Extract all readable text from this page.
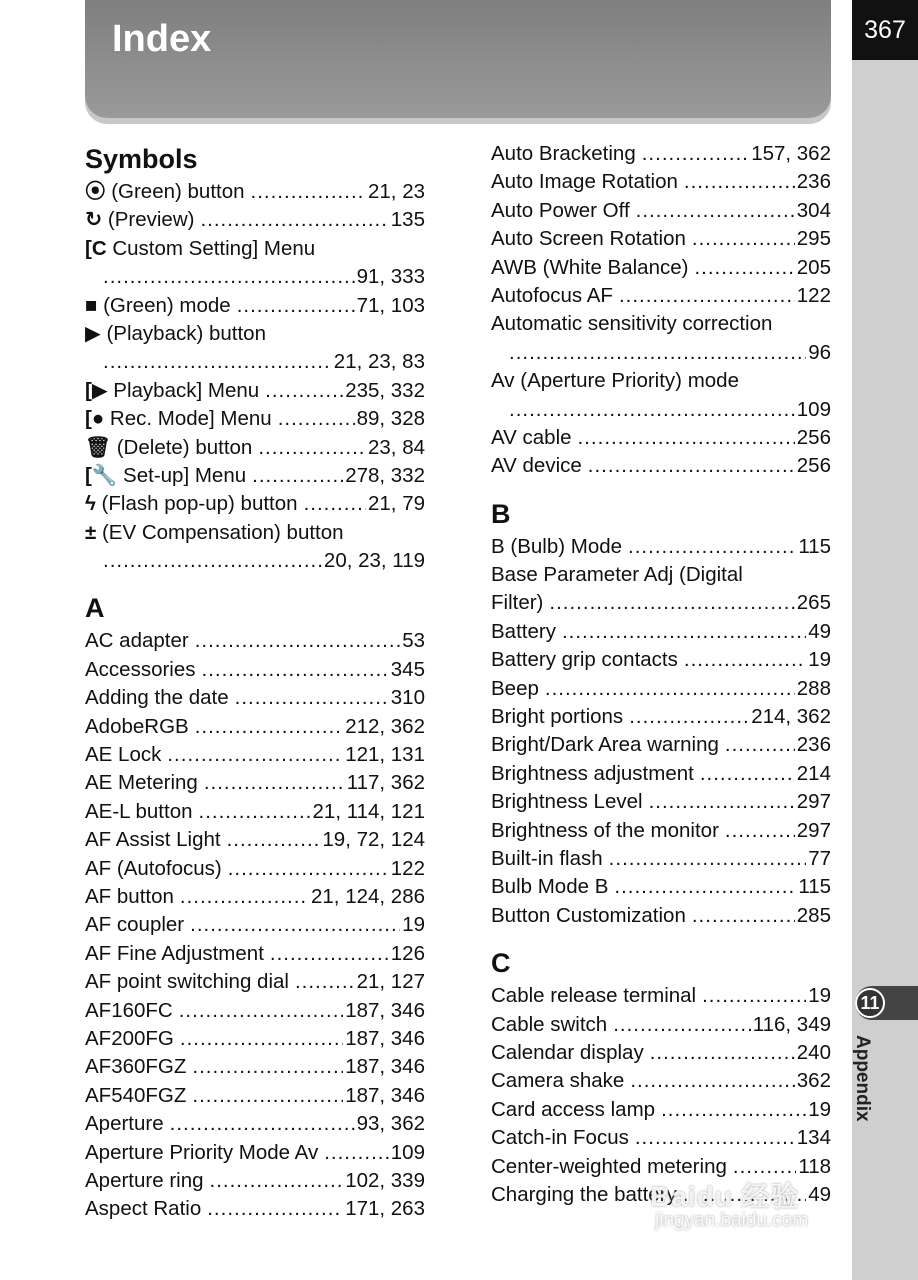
Index	367
11
Appendix
Symbols
⦿ (Green) button .....	21, 23
↻ (Preview) .....	135
[C Custom Setting] Menu
.....
91, 333
■ (Green) mode .....	71, 103
▶ (Playback) button
.....
21, 23, 83
[▶ Playback] Menu .....	235, 332
[● Rec. Mode] Menu .....	89, 328
🗑 (Delete) button .....	23, 84
[🔧 Set-up] Menu .....	278, 332
ϟ (Flash pop-up) button .....	21, 79
± (EV Compensation) button
.....
20, 23, 119
A
AC adapter .....	53
Accessories .....	345
Adding the date .....	310
AdobeRGB .....	212, 362
AE Lock .....	121, 131
AE Metering .....	117, 362
AE-L button .....	21, 114, 121
AF Assist Light .....	19, 72, 124
AF (Autofocus) .....	122
AF button .....	21, 124, 286
AF coupler .....	19
AF Fine Adjustment .....	126
AF point switching dial .....	21, 127
AF160FC .....	187, 346
AF200FG .....	187, 346
AF360FGZ .....	187, 346
AF540FGZ .....	187, 346
Aperture .....	93, 362
Aperture Priority Mode Av .....	109
Aperture ring .....	102, 339
Aspect Ratio .....	171, 263
Auto Bracketing .....	157, 362
Auto Image Rotation .....	236
Auto Power Off .....	304
Auto Screen Rotation .....	295
AWB (White Balance) .....	205
Autofocus AF .....	122
Automatic sensitivity correction
.....
96
Av (Aperture Priority) mode
.....
109
AV cable .....	256
AV device .....	256
B
B (Bulb) Mode .....	115
Base Parameter Adj (Digital
Filter) .....	265
Battery .....	49
Battery grip contacts .....	19
Beep .....	288
Bright portions .....	214, 362
Bright/Dark Area warning .....	236
Brightness adjustment .....	214
Brightness Level .....	297
Brightness of the monitor .....	297
Built-in flash .....	77
Bulb Mode B .....	115
Button Customization .....	285
C
Cable release terminal .....	19
Cable switch .....	116, 349
Calendar display .....	240
Camera shake .....	362
Card access lamp .....	19
Catch-in Focus .....	134
Center-weighted metering .....	118
Charging the battery .....	49
Baidu 经验
jingyan.baidu.com
